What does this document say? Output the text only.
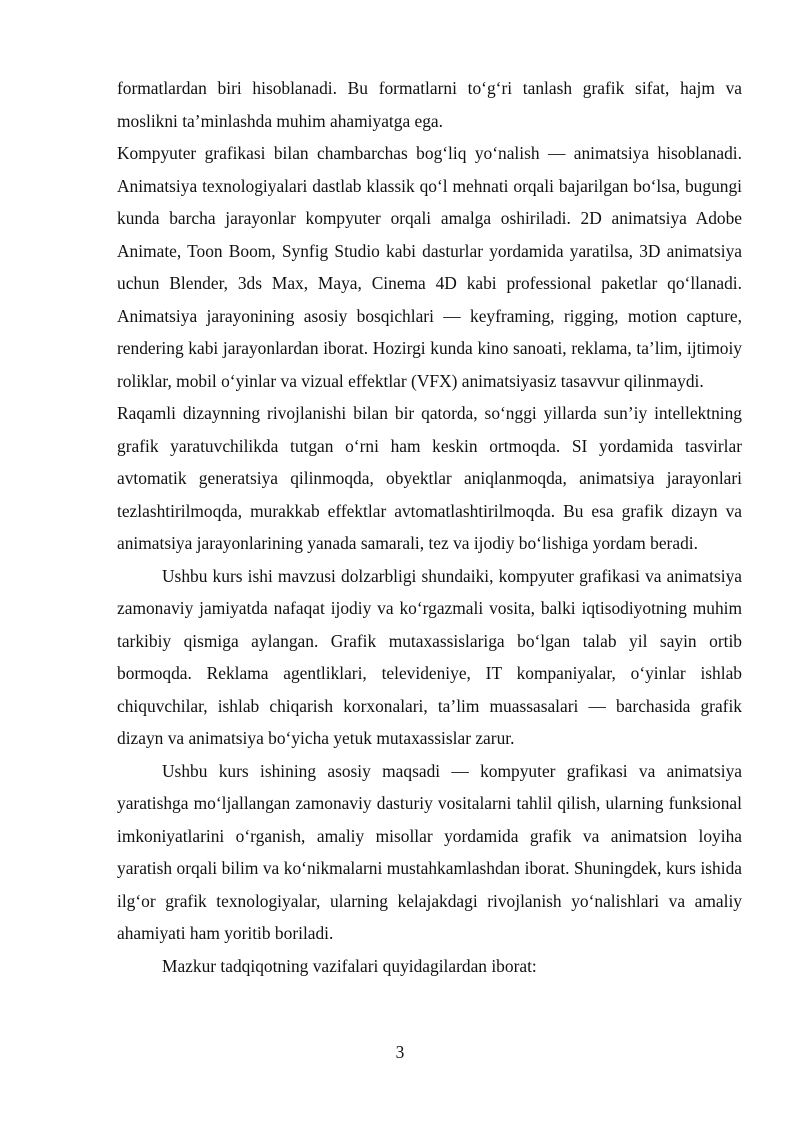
formatlardan biri hisoblanadi. Bu formatlarni to‘g‘ri tanlash grafik sifat, hajm va moslikni ta’minlashda muhim ahamiyatga ega.

Kompyuter grafikasi bilan chambarchas bog‘liq yo‘nalish — animatsiya hisoblanadi. Animatsiya texnologiyalari dastlab klassik qo‘l mehnati orqali bajarilgan bo‘lsa, bugungi kunda barcha jarayonlar kompyuter orqali amalga oshiriladi. 2D animatsiya Adobe Animate, Toon Boom, Synfig Studio kabi dasturlar yordamida yaratilsa, 3D animatsiya uchun Blender, 3ds Max, Maya, Cinema 4D kabi professional paketlar qo‘llanadi. Animatsiya jarayonining asosiy bosqichlari — keyframing, rigging, motion capture, rendering kabi jarayonlardan iborat. Hozirgi kunda kino sanoati, reklama, ta’lim, ijtimoiy roliklar, mobil o‘yinlar va vizual effektlar (VFX) animatsiyasiz tasavvur qilinmaydi.

Raqamli dizaynning rivojlanishi bilan bir qatorda, so‘nggi yillarda sun’iy intellektning grafik yaratuvchilikda tutgan o‘rni ham keskin ortmoqda. SI yordamida tasvirlar avtomatik generatsiya qilinmoqda, obyektlar aniqlanmoqda, animatsiya jarayonlari tezlashtirilmoqda, murakkab effektlar avtomatlashtirilmoqda. Bu esa grafik dizayn va animatsiya jarayonlarining yanada samarali, tez va ijodiy bo‘lishiga yordam beradi.

Ushbu kurs ishi mavzusi dolzarbligi shundaiki, kompyuter grafikasi va animatsiya zamonaviy jamiyatda nafaqat ijodiy va ko‘rgazmali vosita, balki iqtisodiyotning muhim tarkibiy qismiga aylangan. Grafik mutaxassislariga bo‘lgan talab yil sayin ortib bormoqda. Reklama agentliklari, televideniye, IT kompaniyalar, o‘yinlar ishlab chiquvchilar, ishlab chiqarish korxonalari, ta’lim muassasalari — barchasida grafik dizayn va animatsiya bo‘yicha yetuk mutaxassislar zarur.

Ushbu kurs ishining asosiy maqsadi — kompyuter grafikasi va animatsiya yaratishga mo‘ljallangan zamonaviy dasturiy vositalarni tahlil qilish, ularning funksional imkoniyatlarini o‘rganish, amaliy misollar yordamida grafik va animatsion loyiha yaratish orqali bilim va ko‘nikmalarni mustahkamlashdan iborat. Shuningdek, kurs ishida ilg‘or grafik texnologiyalar, ularning kelajakdagi rivojlanish yo‘nalishlari va amaliy ahamiyati ham yoritib boriladi.

Mazkur tadqiqotning vazifalari quyidagilardan iborat:

3
